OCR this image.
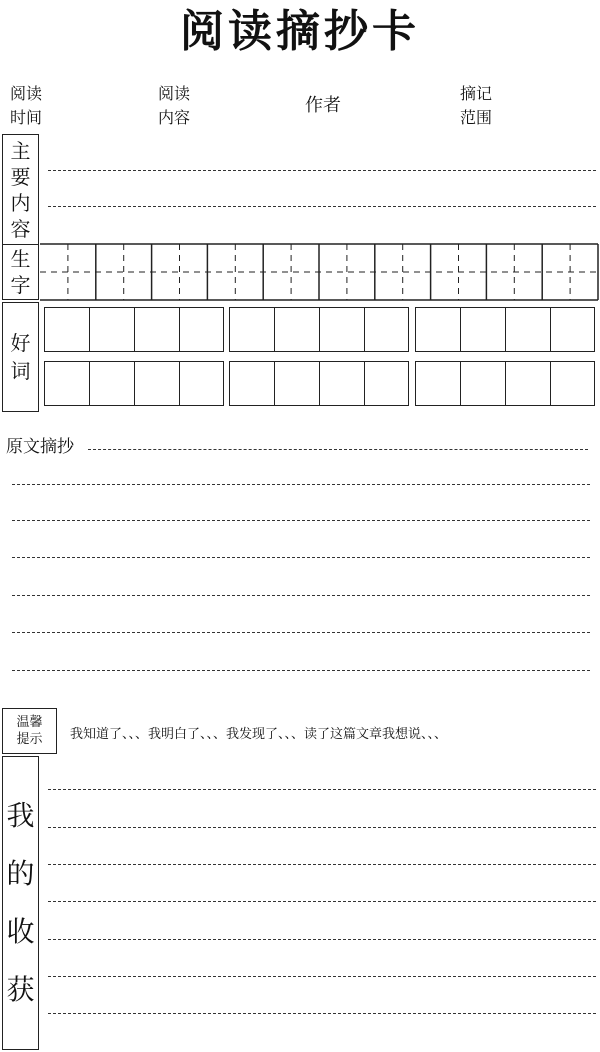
阅读摘抄卡
阅读
时间
阅读
内容
作者
摘记
范围
主
要
内
容
生
字
好
词
原文摘抄
温馨
提示 我知道了、、、我明白了、、、我发现了、、、读了这篇文章我想说、、、
我
的
收
获
